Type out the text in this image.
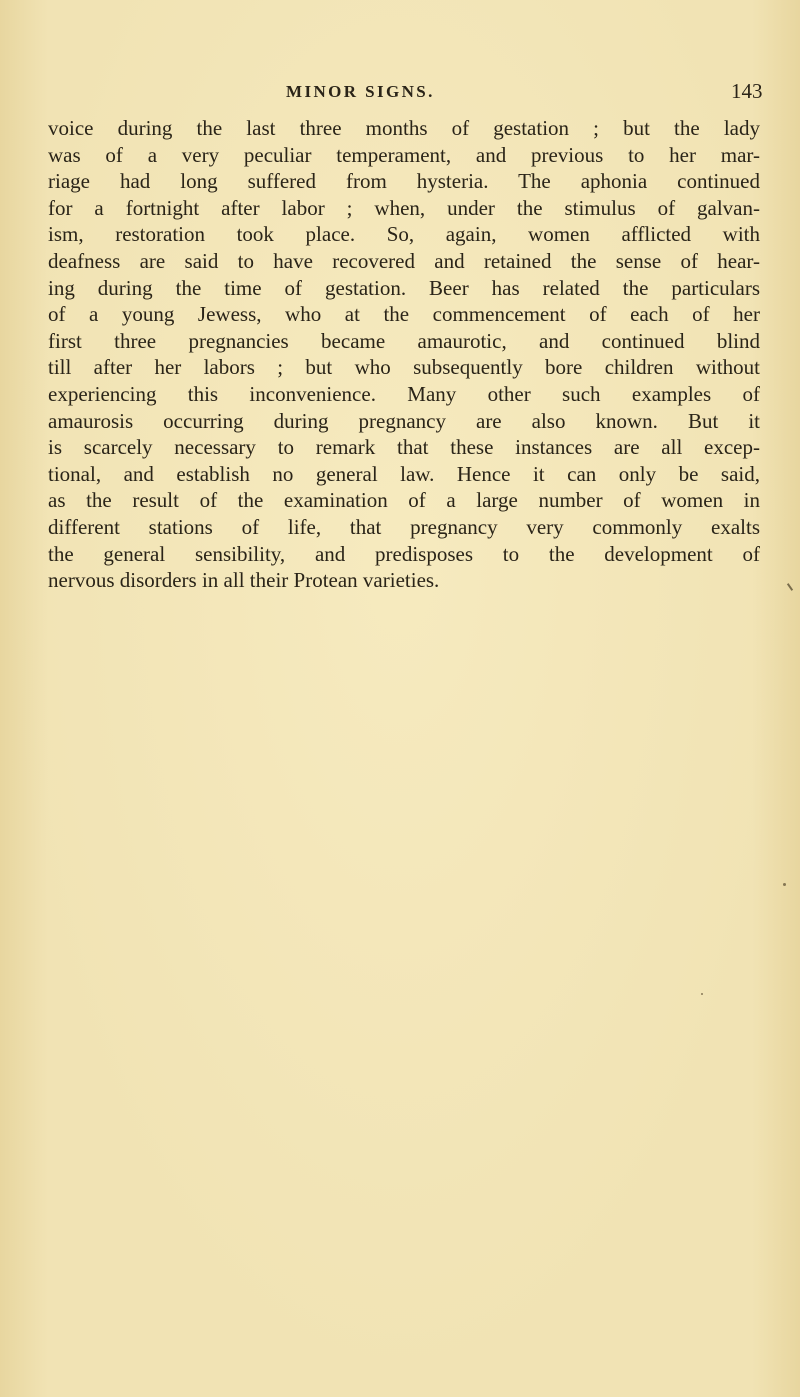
MINOR SIGNS.	143
voice during the last three months of gestation ; but the lady
was of a very peculiar temperament, and previous to her mar-
riage had long suffered from hysteria. The aphonia continued
for a fortnight after labor ; when, under the stimulus of galvan-
ism, restoration took place. So, again, women afflicted with
deafness are said to have recovered and retained the sense of hear-
ing during the time of gestation. Beer has related the particulars
of a young Jewess, who at the commencement of each of her
first three pregnancies became amaurotic, and continued blind
till after her labors ; but who subsequently bore children without
experiencing this inconvenience. Many other such examples of
amaurosis occurring during pregnancy are also known. But it
is scarcely necessary to remark that these instances are all excep-
tional, and establish no general law. Hence it can only be said,
as the result of the examination of a large number of women in
different stations of life, that pregnancy very commonly exalts
the general sensibility, and predisposes to the development of
nervous disorders in all their Protean varieties.
